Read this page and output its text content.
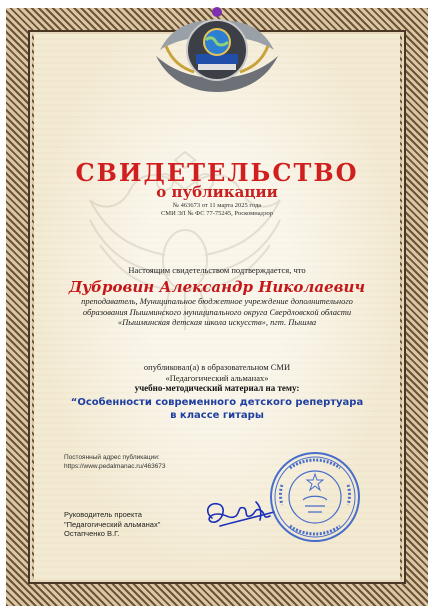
СВИДЕТЕЛЬСТВО
о публикации
№ 463673 от 11 марта 2025 года
СМИ ЭЛ № ФС 77-75245, Роскомнадзор
Настоящим свидетельством подтверждается, что
Дубровин Александр Николаевич
преподаватель, Муниципальное бюджетное учреждение дополнительного образования Пышминского муниципального округа Свердловской области «Пышминская детская школа искусств», пгт. Пышма
опубликовал(а) в образовательном СМИ
«Педагогический альманах»
учебно-методический материал на тему:
“Особенности современного детского репертуара в классе гитары
Постоянный адрес публикации:
https://www.pedalmanac.ru/463673
Руководитель проекта
"Педагогический альманах"
Остапченко В.Г.
